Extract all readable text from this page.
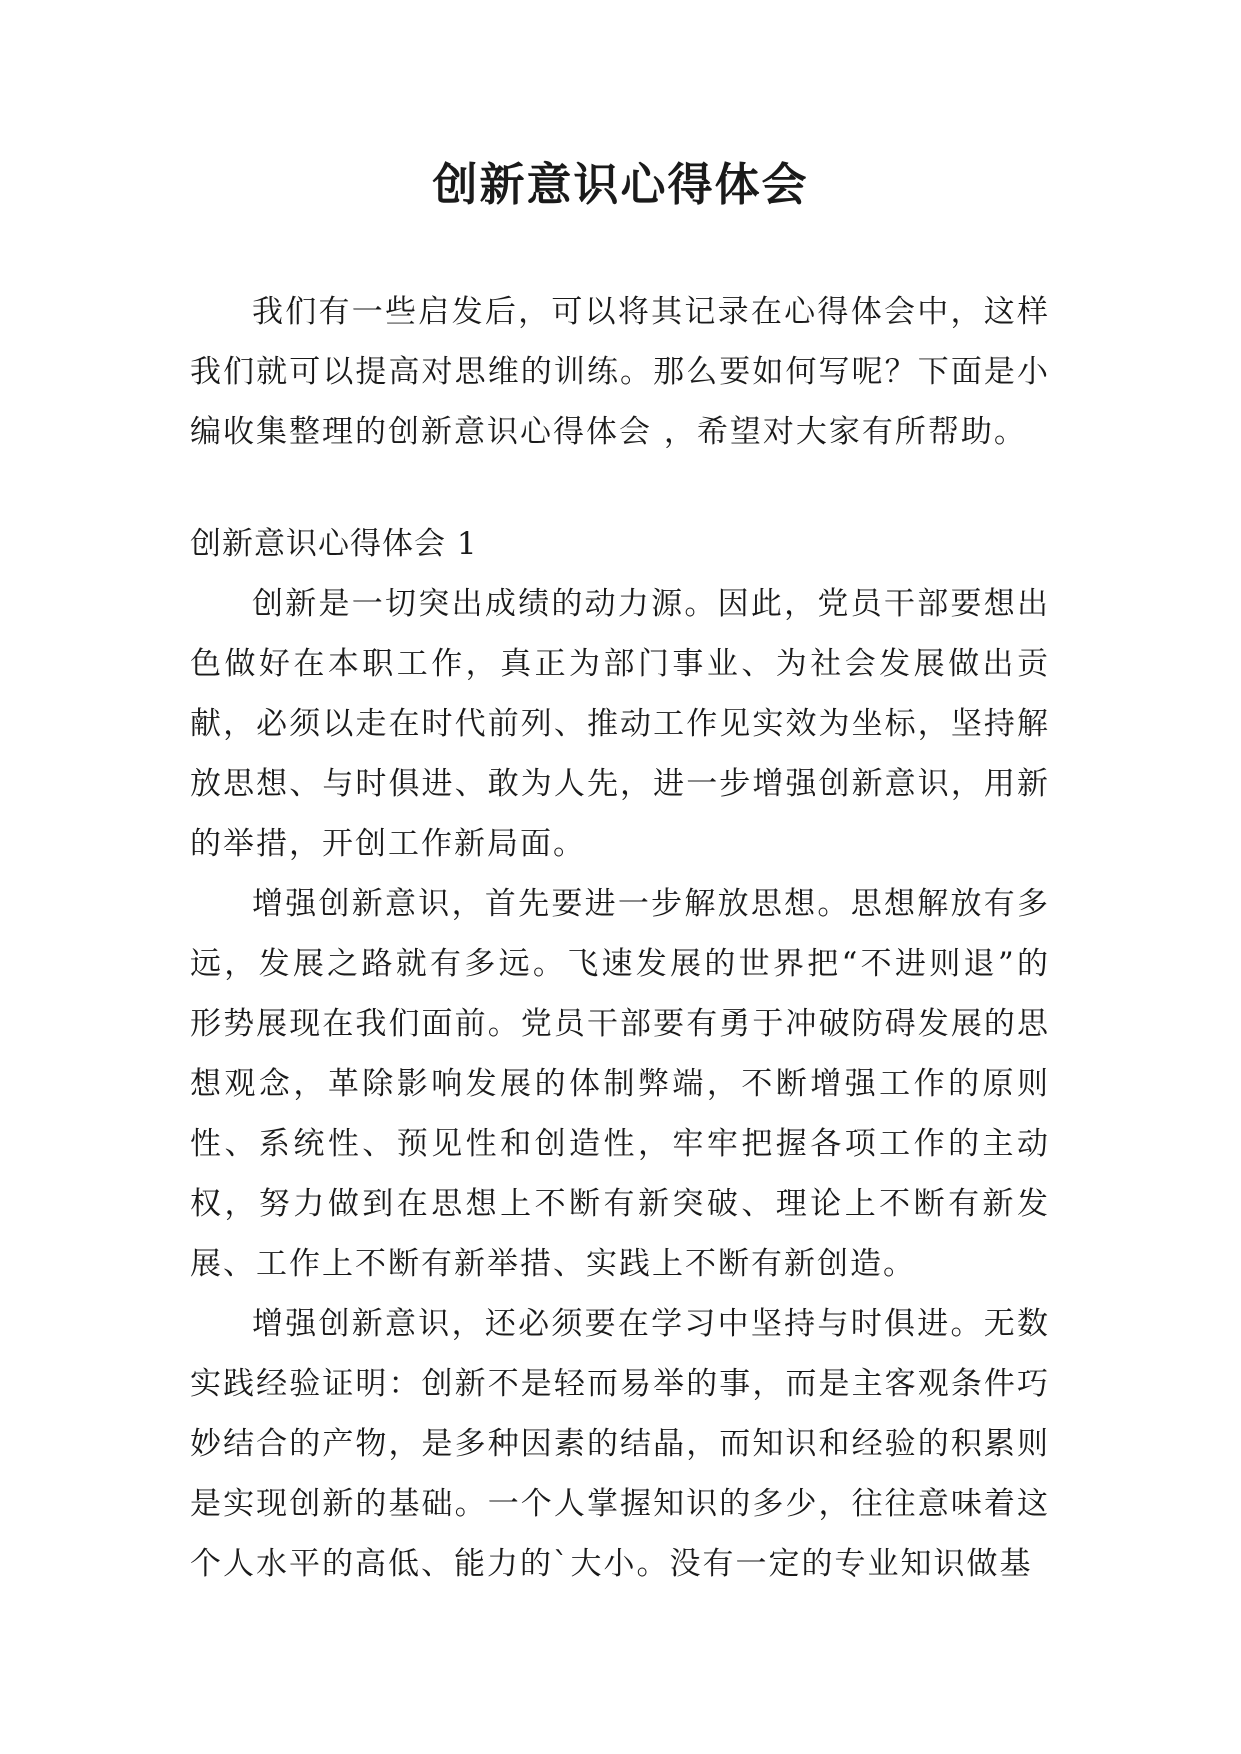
创新意识心得体会

我们有一些启发后，可以将其记录在心得体会中，这样我们就可以提高对思维的训练。那么要如何写呢？下面是小编收集整理的创新意识心得体会 ，希望对大家有所帮助。

创新意识心得体会 1

创新是一切突出成绩的动力源。因此，党员干部要想出色做好在本职工作，真正为部门事业、为社会发展做出贡献，必须以走在时代前列、推动工作见实效为坐标，坚持解放思想、与时俱进、敢为人先，进一步增强创新意识，用新的举措，开创工作新局面。

增强创新意识，首先要进一步解放思想。思想解放有多远，发展之路就有多远。飞速发展的世界把“不进则退”的形势展现在我们面前。党员干部要有勇于冲破防碍发展的思想观念，革除影响发展的体制弊端，不断增强工作的原则性、系统性、预见性和创造性，牢牢把握各项工作的主动权，努力做到在思想上不断有新突破、理论上不断有新发展、工作上不断有新举措、实践上不断有新创造。

增强创新意识，还必须要在学习中坚持与时俱进。无数实践经验证明：创新不是轻而易举的事，而是主客观条件巧妙结合的产物，是多种因素的结晶，而知识和经验的积累则是实现创新的基础。一个人掌握知识的多少，往往意味着这个人水平的高低、能力的`大小。没有一定的专业知识做基
